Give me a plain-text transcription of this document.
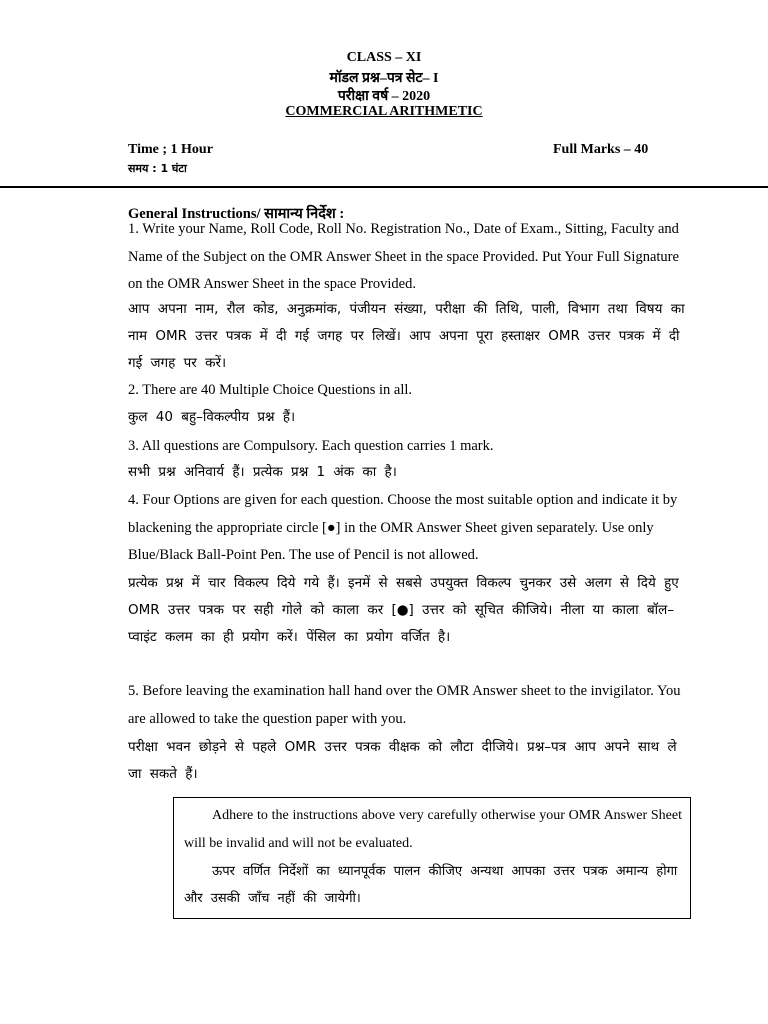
CLASS – XI
मॉडल प्रश्न–पत्र सेट– I
परीक्षा वर्ष – 2020
COMMERCIAL ARITHMETIC
Time ; 1 Hour
समय : 1 घंटा
Full Marks – 40
General Instructions/ सामान्य निर्देश :
1. Write your Name, Roll Code, Roll No. Registration No., Date of Exam., Sitting, Faculty and Name of the Subject on the OMR Answer Sheet in the space Provided. Put Your Full Signature on the OMR Answer Sheet in the space Provided.
आप अपना नाम, रौल कोड, अनुक्रमांक, पंजीयन संख्या, परीक्षा की तिथि, पाली, विभाग तथा विषय का नाम OMR उत्तर पत्रक में दी गई जगह पर लिखें। आप अपना पूरा हस्ताक्षर OMR उत्तर पत्रक में दी गई जगह पर करें।
2. There are 40 Multiple Choice Questions in all.
कुल 40 बहु–विकल्पीय प्रश्न हैं।
3. All questions are Compulsory. Each question carries 1 mark.
सभी प्रश्न अनिवार्य हैं। प्रत्येक प्रश्न 1 अंक का है।
4. Four Options are given for each question. Choose the most suitable option and indicate it by blackening the appropriate circle [●] in the OMR Answer Sheet given separately. Use only Blue/Black Ball-Point Pen. The use of Pencil is not allowed.
प्रत्येक प्रश्न में चार विकल्प दिये गये हैं। इनमें से सबसे उपयुक्त विकल्प चुनकर उसे अलग से दिये हुए OMR उत्तर पत्रक पर सही गोले को काला कर [●] उत्तर को सूचित कीजिये। नीला या काला बॉल–प्वाइंट कलम का ही प्रयोग करें। पेंसिल का प्रयोग वर्जित है।
5. Before leaving the examination hall hand over the OMR Answer sheet to the invigilator. You are allowed to take the question paper with you.
परीक्षा भवन छोड़ने से पहले OMR उत्तर पत्रक वीक्षक को लौटा दीजिये। प्रश्न–पत्र आप अपने साथ ले जा सकते हैं।
Adhere to the instructions above very carefully otherwise your OMR Answer Sheet will be invalid and will not be evaluated.
ऊपर वर्णित निर्देशों का ध्यानपूर्वक पालन कीजिए अन्यथा आपका उत्तर पत्रक अमान्य होगा और उसकी जाँच नहीं की जायेगी।
